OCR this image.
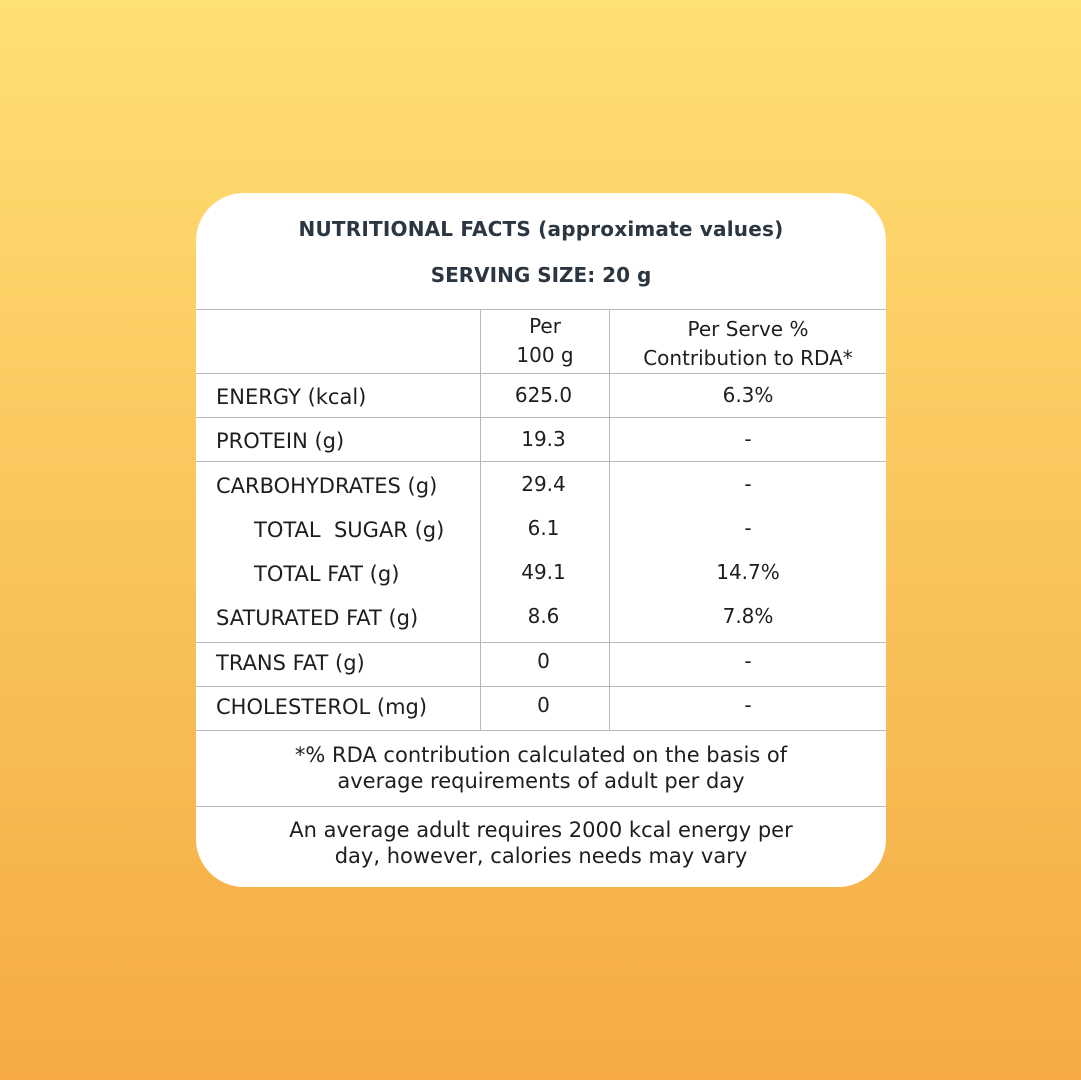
NUTRITIONAL FACTS (approximate values)
SERVING SIZE: 20 g
Per
100 g
Per Serve %
Contribution to RDA*
ENERGY (kcal)	625.0	6.3%
PROTEIN (g)	19.3	-
CARBOHYDRATES (g)	29.4	-
TOTAL  SUGAR (g)	6.1	-
TOTAL FAT (g)	49.1	14.7%
SATURATED FAT (g)	8.6	7.8%
TRANS FAT (g)	0	-
CHOLESTEROL (mg)	0	-
*% RDA contribution calculated on the basis of
average requirements of adult per day
An average adult requires 2000 kcal energy per
day, however, calories needs may vary
